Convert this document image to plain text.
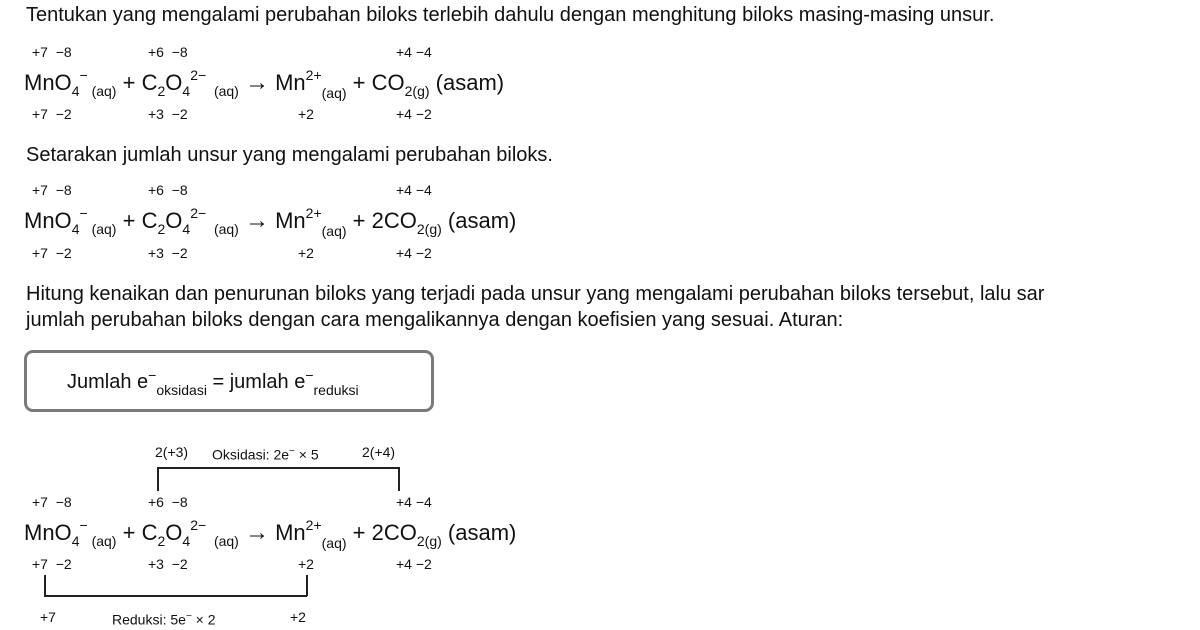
Tentukan yang mengalami perubahan biloks terlebih dahulu dengan menghitung biloks masing-masing unsur.
+7 −8	+6 −8	+4 −4
MnO$_4$− $_{(aq)} + C_2O_4^{2-}$  $_{(aq)} \to Mn^{2+}_{(aq)} + CO_{2(g)}$ (asam)
+7 −2	+3 −2	+2	+4 −2
Setarakan jumlah unsur yang mengalami perubahan biloks.
+7 −8	+6 −8	+4 −4
MnO$_4$− $_{(aq)} + C_2O_4^{2-}$  $_{(aq)} \to Mn^{2+}_{(aq)} + 2CO_{2(g)}$ (asam)
+7 −2	+3 −2	+2	+4 −2
Hitung kenaikan dan penurunan biloks yang terjadi pada unsur yang mengalami perubahan biloks tersebut, lalu sar
jumlah perubahan biloks dengan cara mengalikannya dengan koefisien yang sesuai. Aturan:
Jumlah $e^-_{oksidasi}$ = jumlah $e^-_{reduksi}$
2(+3) Oksidasi: 2e− × 5	2(+4)
+7 −8	+6 −8	+4 −4
MnO$_4$− $_{(aq)} + C_2O_4^{2-}$  $_{(aq)} \to Mn^{2+}_{(aq)} + 2CO_{2(g)}$ (asam)
+7 −2	+3 −2	+2	+4 −2
+7	Reduksi: 5e− × 2	+2
